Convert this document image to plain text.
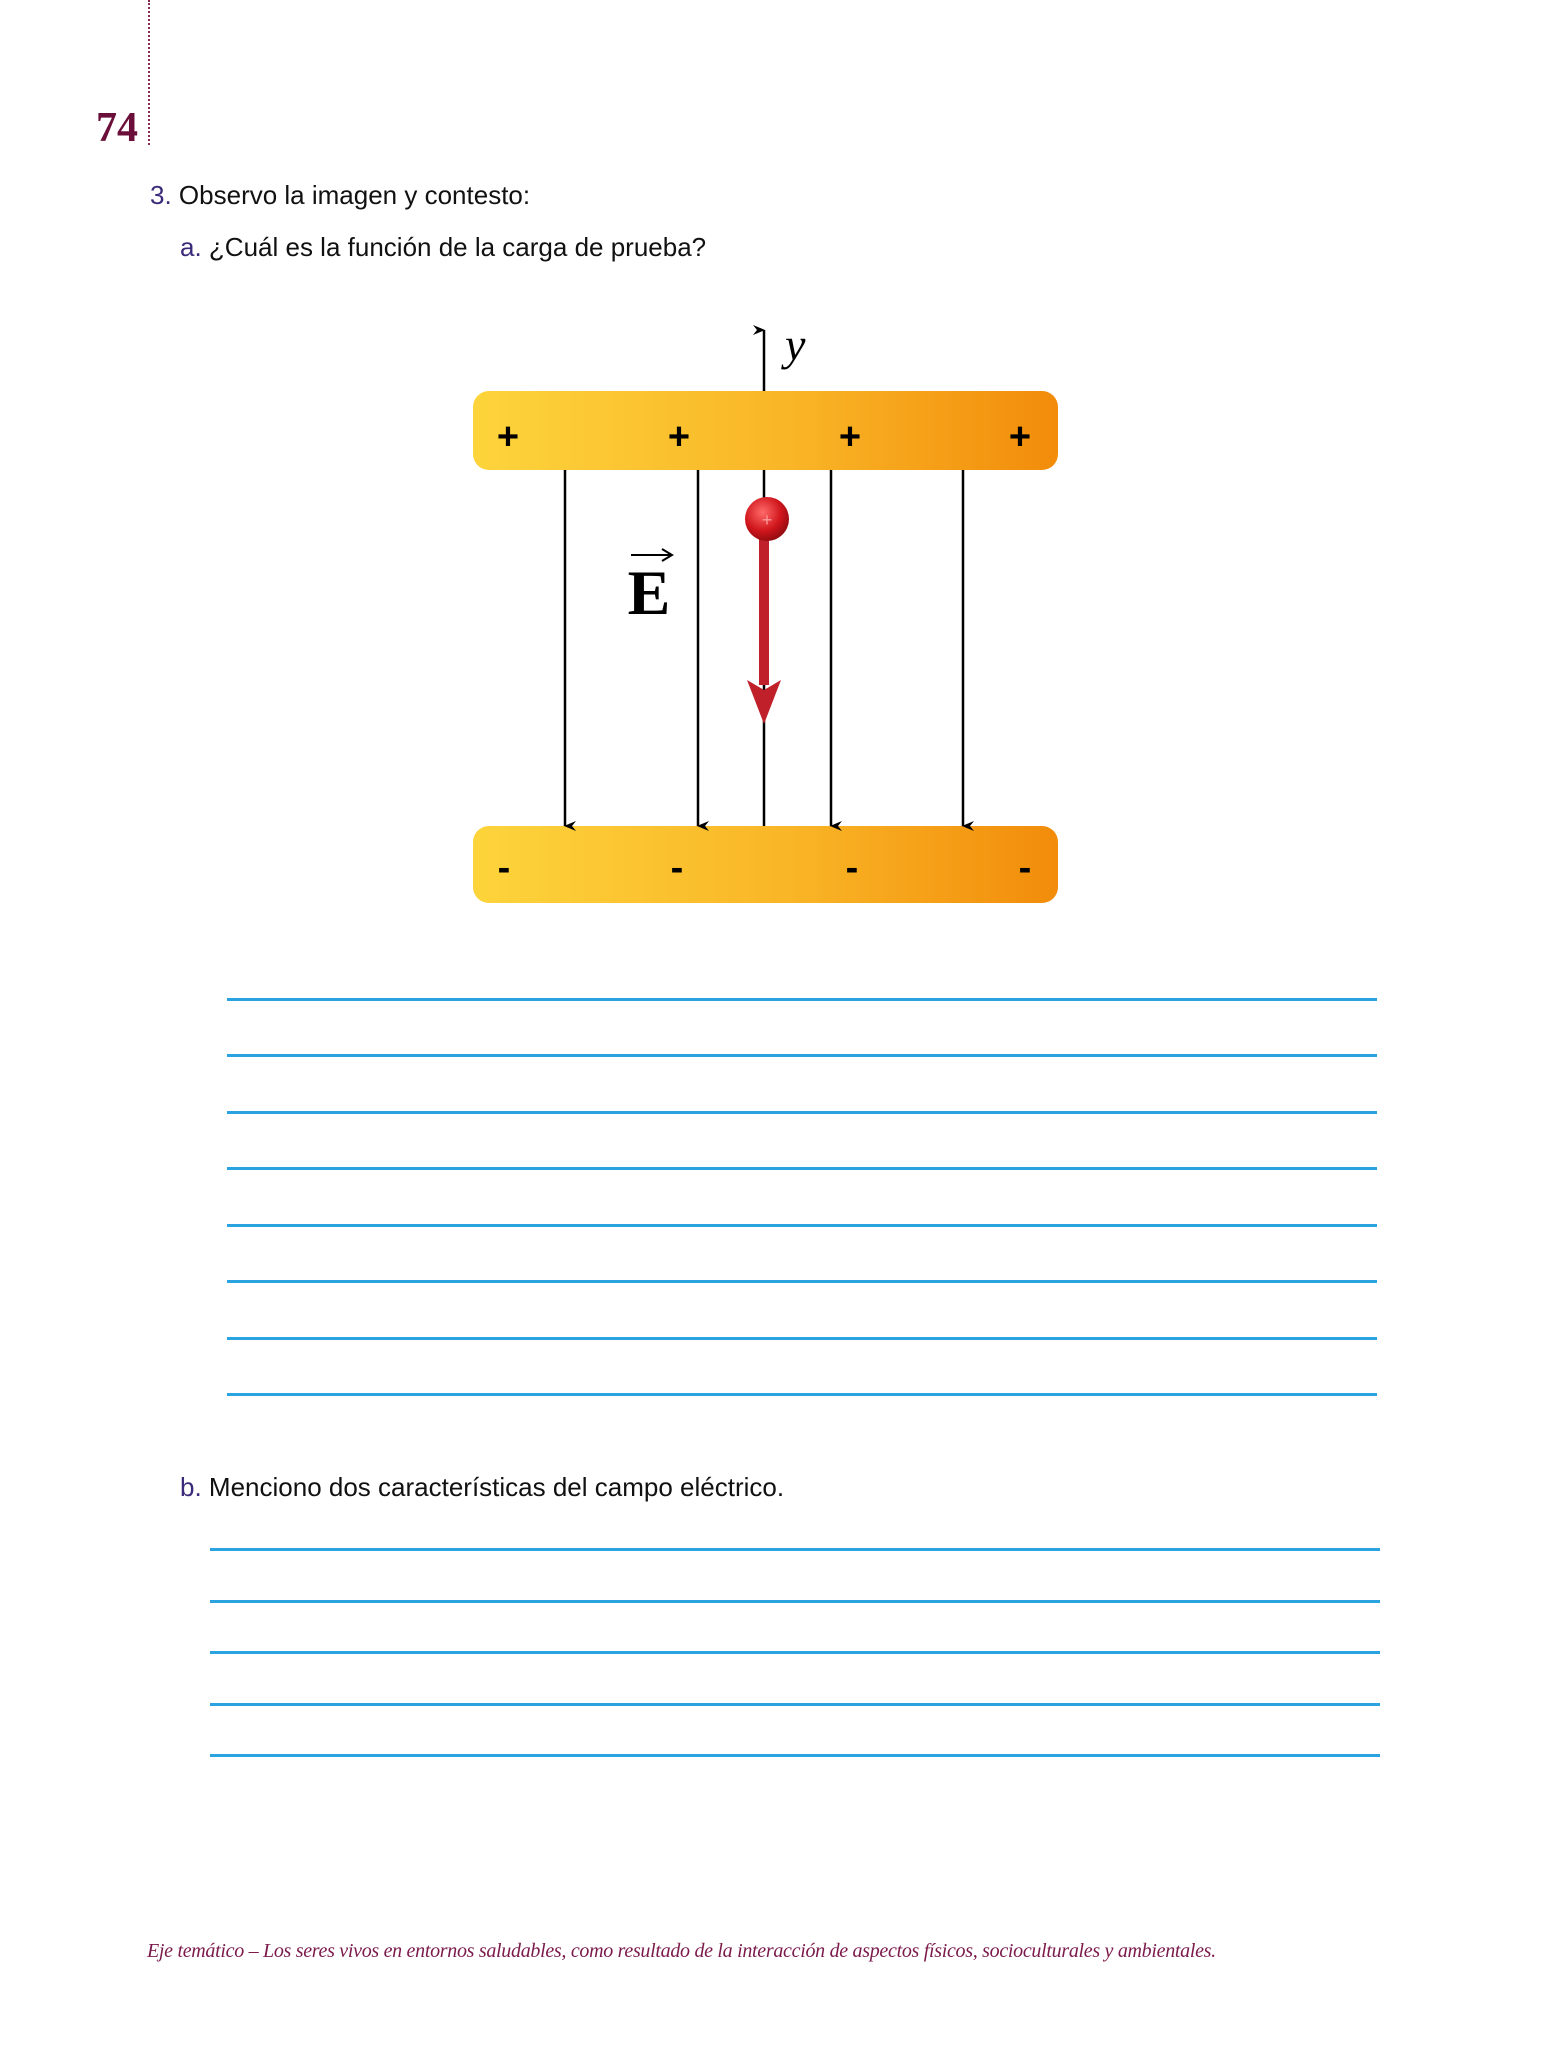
74
3. Observo la imagen y contesto:
a. ¿Cuál es la función de la carga de prueba?
+	+	+	+
-	-	-	-
y
+
E
b. Menciono dos características del campo eléctrico.
Eje temático – Los seres vivos en entornos saludables, como resultado de la interacción de aspectos físicos, socioculturales y ambientales.
